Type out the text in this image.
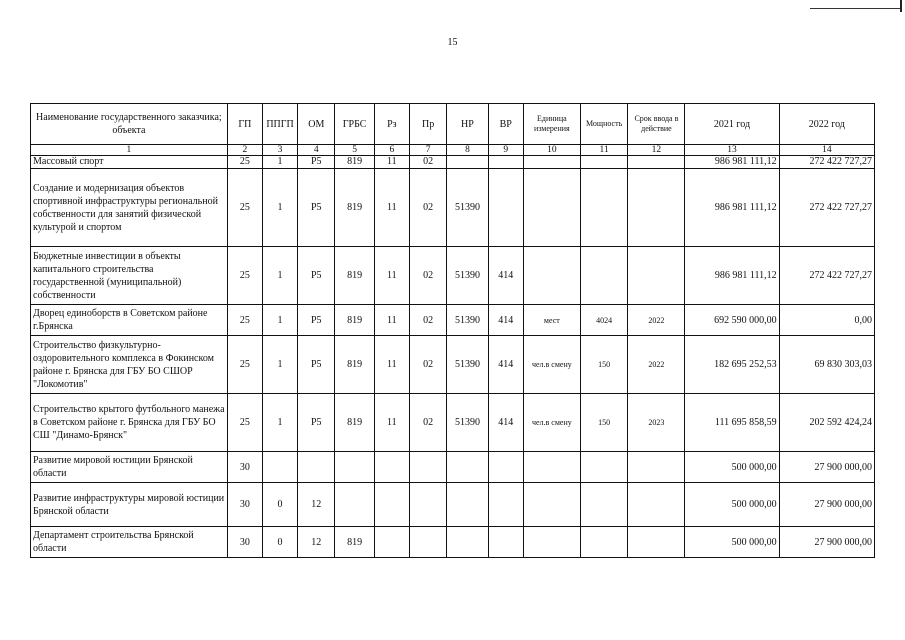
15
Наименование государственного заказчика; объекта	ГП	ППГП	ОМ	ГРБС	Рз	Пр	НР	ВР	Единица измерения	Мощность	Срок ввода в действие	2021 год	2022 год
1	2	3	4	5	6	7	8	9	10	11	12	13	14
Массовый спорт	25	1	Р5	819	11	02						986 981 111,12	272 422 727,27
Создание и модернизация объектов спортивной инфраструктуры региональной собственности для занятий физической культурой и спортом	25	1	Р5	819	11	02	51390					986 981 111,12	272 422 727,27
Бюджетные инвестиции в объекты капитального строительства государственной (муниципальной) собственности	25	1	Р5	819	11	02	51390	414				986 981 111,12	272 422 727,27
Дворец единоборств в Советском районе г.Брянска	25	1	Р5	819	11	02	51390	414	мест	4024	2022	692 590 000,00	0,00
Строительство физкультурно-оздоровительного комплекса в Фокинском районе г. Брянска для ГБУ БО СШОР "Локомотив"	25	1	Р5	819	11	02	51390	414	чел.в смену	150	2022	182 695 252,53	69 830 303,03
Строительство крытого футбольного манежа в Советском районе г. Брянска для ГБУ БО СШ "Динамо-Брянск"	25	1	Р5	819	11	02	51390	414	чел.в смену	150	2023	111 695 858,59	202 592 424,24
Развитие мировой юстиции Брянской области	30											500 000,00	27 900 000,00
Развитие инфраструктуры мировой юстиции Брянской области	30	0	12									500 000,00	27 900 000,00
Департамент строительства Брянской области	30	0	12	819								500 000,00	27 900 000,00
